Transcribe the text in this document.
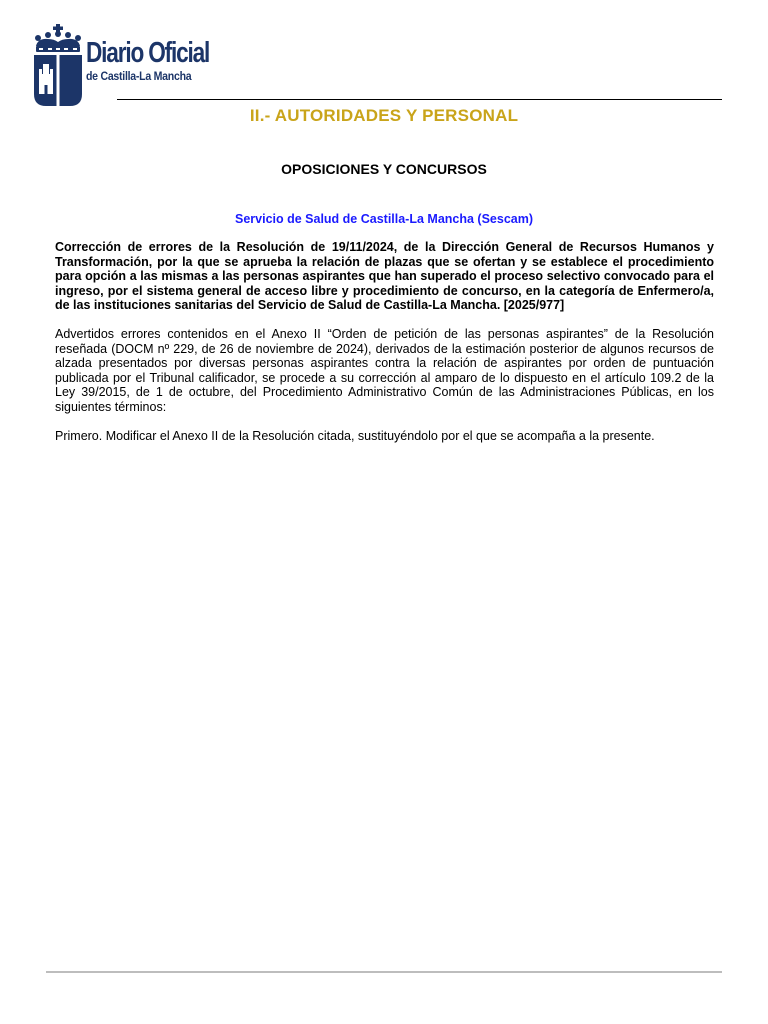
Diario Oficial
de Castilla-La Mancha
II.- AUTORIDADES Y PERSONAL
OPOSICIONES Y CONCURSOS
Servicio de Salud de Castilla-La Mancha (Sescam)

Corrección de errores de la Resolución de 19/11/2024, de la Dirección General de Recursos Humanos y Transformación, por la que se aprueba la relación de plazas que se ofertan y se establece el procedimiento para opción a las mismas a las personas aspirantes que han superado el proceso selectivo convocado para el ingreso, por el sistema general de acceso libre y procedimiento de concurso, en la categoría de Enfermero/a, de las instituciones sanitarias del Servicio de Salud de Castilla-La Mancha. [2025/977]

Advertidos errores contenidos en el Anexo II “Orden de petición de las personas aspirantes” de la Resolución reseñada (DOCM nº 229, de 26 de noviembre de 2024), derivados de la estimación posterior de algunos recursos de alzada presentados por diversas personas aspirantes contra la relación de aspirantes por orden de puntuación publicada por el Tribunal calificador, se procede a su corrección al amparo de lo dispuesto en el artículo 109.2 de la Ley 39/2015, de 1 de octubre, del Procedimiento Administrativo Común de las Administraciones Públicas, en los siguientes términos:

Primero. Modificar el Anexo II de la Resolución citada, sustituyéndolo por el que se acompaña a la presente.
